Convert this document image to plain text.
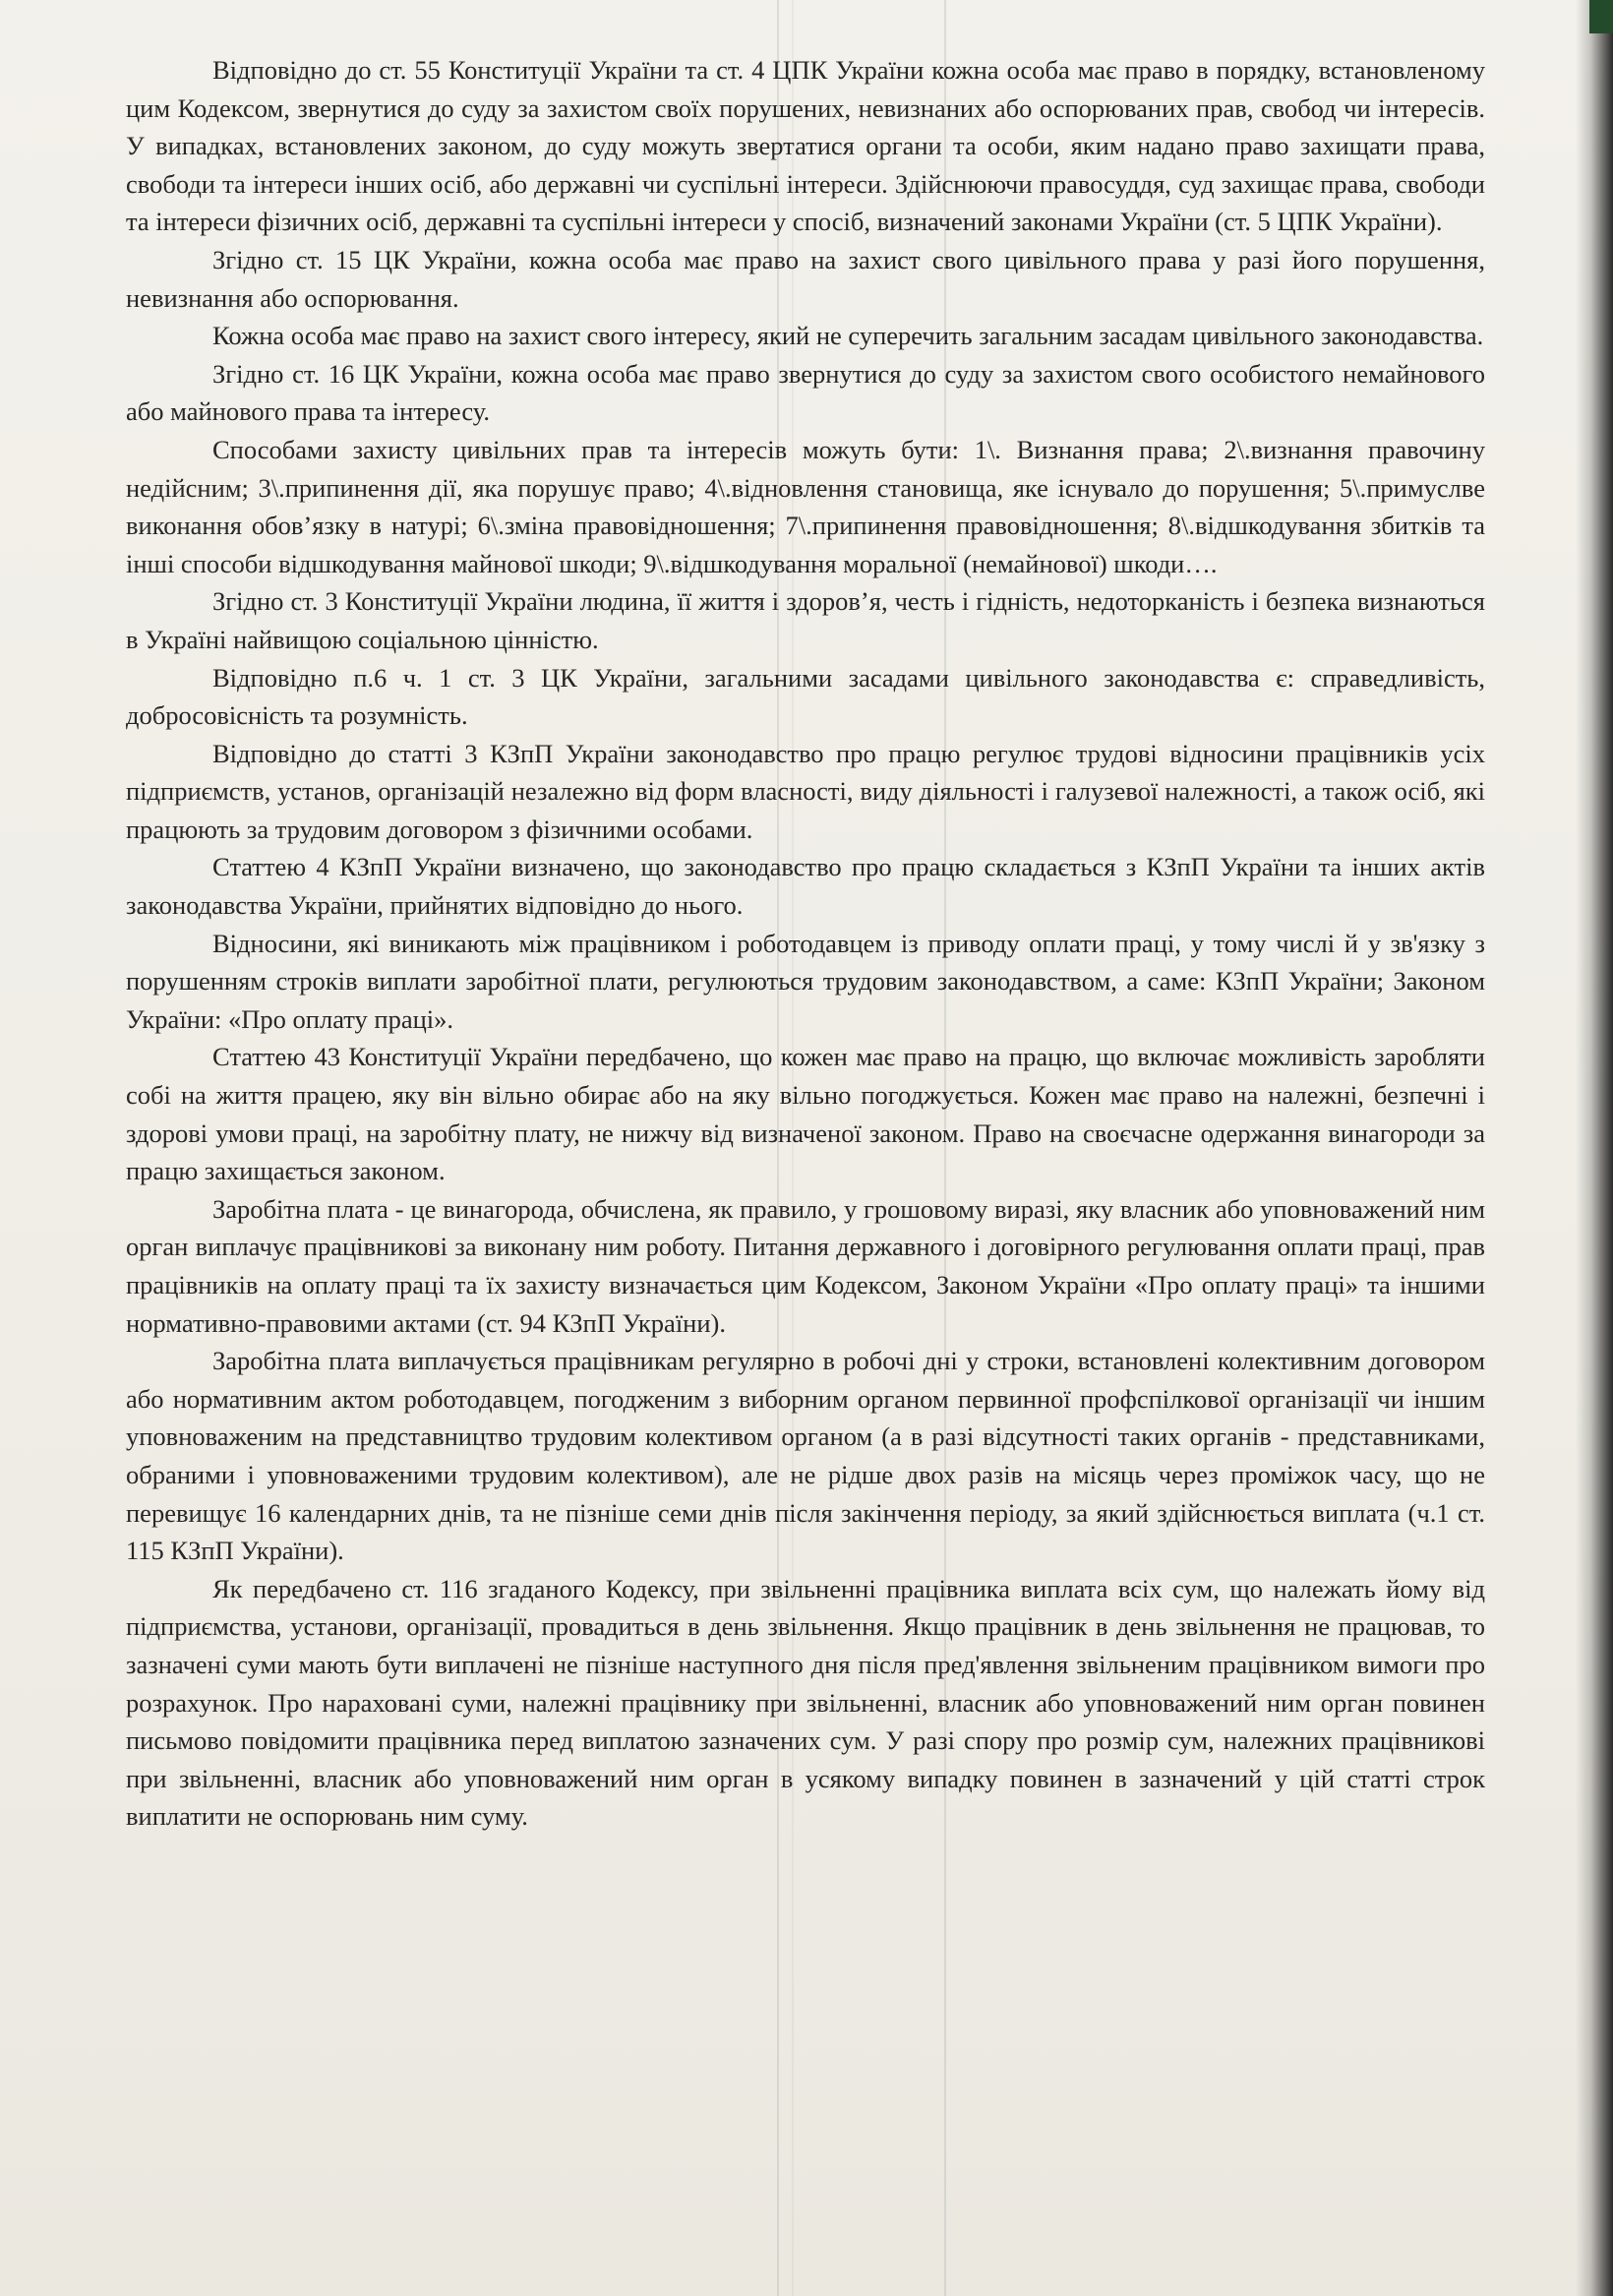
Відповідно до ст. 55 Конституції України та ст. 4 ЦПК України кожна особа має право в порядку, встановленому цим Кодексом, звернутися до суду за захистом своїх порушених, невизнаних або оспорюваних прав, свобод чи інтересів. У випадках, встановлених законом, до суду можуть звертатися органи та особи, яким надано право захищати права, свободи та інтереси інших осіб, або державні чи суспільні інтереси. Здійснюючи правосуддя, суд захищає права, свободи та інтереси фізичних осіб, державні та суспільні інтереси у спосіб, визначений законами України (ст. 5 ЦПК України).

Згідно ст. 15 ЦК України, кожна особа має право на захист свого цивільного права у разі його порушення, невизнання або оспорювання.

Кожна особа має право на захист свого інтересу, який не суперечить загальним засадам цивільного законодавства.

Згідно ст. 16 ЦК України, кожна особа має право звернутися до суду за захистом свого особистого немайнового або майнового права та інтересу.

Способами захисту цивільних прав та інтересів можуть бути: 1\. Визнання права; 2\.визнання правочину недійсним; 3\.припинення дії, яка порушує право; 4\.відновлення становища, яке існувало до порушення; 5\.примуслве виконання обов’язку в натурі; 6\.зміна правовідношення; 7\.припинення правовідношення; 8\.відшкодування збитків та інші способи відшкодування майнової шкоди; 9\.відшкодування моральної (немайнової) шкоди….

Згідно ст. 3 Конституції України людина, її життя і здоров’я, честь і гідність, недоторканість і безпека визнаються в Україні найвищою соціальною цінністю.

Відповідно п.6 ч. 1 ст. 3 ЦК України, загальними засадами цивільного законодавства є: справедливість, добросовісність та розумність.

Відповідно до статті 3 КЗпП України законодавство про працю регулює трудові відносини працівників усіх підприємств, установ, організацій незалежно від форм власності, виду діяльності і галузевої належності, а також осіб, які працюють за трудовим договором з фізичними особами.

Статтею 4 КЗпП України визначено, що законодавство про працю складається з КЗпП України та інших актів законодавства України, прийнятих відповідно до нього.

Відносини, які виникають між працівником і роботодавцем із приводу оплати праці, у тому числі й у зв'язку з порушенням строків виплати заробітної плати, регулюються трудовим законодавством, а саме: КЗпП України; Законом України: «Про оплату праці».

Статтею 43 Конституції України передбачено, що кожен має право на працю, що включає можливість заробляти собі на життя працею, яку він вільно обирає або на яку вільно погоджується. Кожен має право на належні, безпечні і здорові умови праці, на заробітну плату, не нижчу від визначеної законом. Право на своєчасне одержання винагороди за працю захищається законом.

Заробітна плата - це винагорода, обчислена, як правило, у грошовому виразі, яку власник або уповноважений ним орган виплачує працівникові за виконану ним роботу. Питання державного і договірного регулювання оплати праці, прав працівників на оплату праці та їх захисту визначається цим Кодексом, Законом України «Про оплату праці» та іншими нормативно-правовими актами (ст. 94 КЗпП України).

Заробітна плата виплачується працівникам регулярно в робочі дні у строки, встановлені колективним договором або нормативним актом роботодавцем, погодженим з виборним органом первинної профспілкової організації чи іншим уповноваженим на представництво трудовим колективом органом (а в разі відсутності таких органів - представниками, обраними і уповноваженими трудовим колективом), але не рідше двох разів на місяць через проміжок часу, що не перевищує 16 календарних днів, та не пізніше семи днів після закінчення періоду, за який здійснюється виплата (ч.1 ст. 115 КЗпП України).

Як передбачено ст. 116 згаданого Кодексу, при звільненні працівника виплата всіх сум, що належать йому від підприємства, установи, організації, провадиться в день звільнення. Якщо працівник в день звільнення не працював, то зазначені суми мають бути виплачені не пізніше наступного дня після пред'явлення звільненим працівником вимоги про розрахунок. Про нараховані суми, належні працівнику при звільненні, власник або уповноважений ним орган повинен письмово повідомити працівника перед виплатою зазначених сум. У разі спору про розмір сум, належних працівникові при звільненні, власник або уповноважений ним орган в усякому випадку повинен в зазначений у цій статті строк виплатити не оспорювань ним суму.
